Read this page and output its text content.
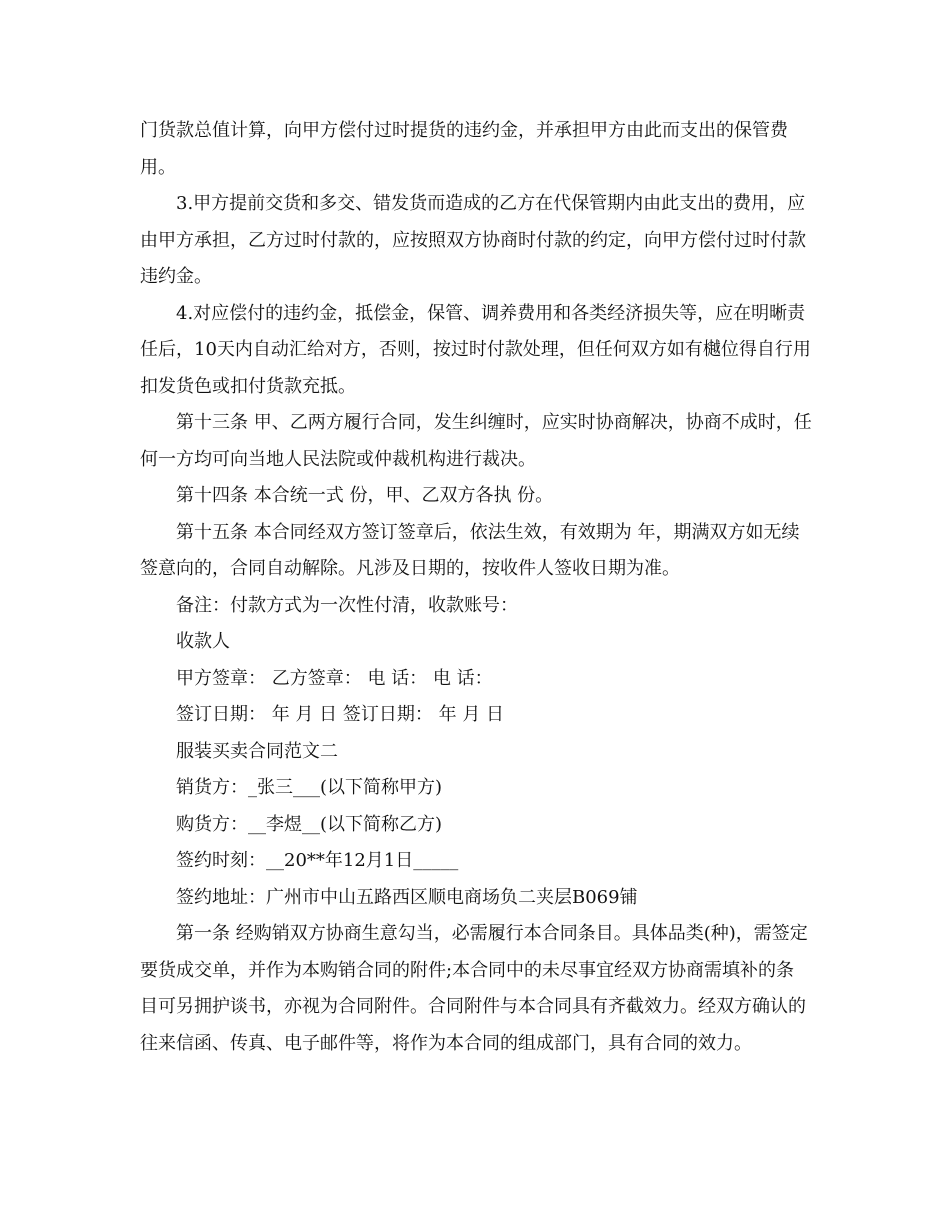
门货款总值计算，向甲方偿付过时提货的违约金，并承担甲方由此而支出的保管费用。

3.甲方提前交货和多交、错发货而造成的乙方在代保管期内由此支出的费用，应由甲方承担，乙方过时付款的，应按照双方协商时付款的约定，向甲方偿付过时付款违约金。

4.对应偿付的违约金，抵偿金，保管、调养费用和各类经济损失等，应在明晰责任后，10天内自动汇给对方，否则，按过时付款处理，但任何双方如有樾位得自行用扣发货色或扣付货款充抵。

第十三条 甲、乙两方履行合同，发生纠缠时，应实时协商解决，协商不成时，任何一方均可向当地人民法院或仲裁机构进行裁决。

第十四条 本合统一式 份，甲、乙双方各执 份。

第十五条 本合同经双方签订签章后，依法生效，有效期为 年，期满双方如无续签意向的，合同自动解除。凡涉及日期的，按收件人签收日期为准。

备注：付款方式为一次性付清，收款账号：

收款人

甲方签章： 乙方签章： 电 话： 电 话：

签订日期： 年 月 日 签订日期： 年 月 日

服装买卖合同范文二

销货方：_张三___(以下简称甲方)

购货方：__李煜__(以下简称乙方)

签约时刻：__20**年12月1日_____

签约地址：广州市中山五路西区顺电商场负二夹层B069铺

第一条 经购销双方协商生意勾当，必需履行本合同条目。具体品类(种)，需签定要货成交单，并作为本购销合同的附件;本合同中的未尽事宜经双方协商需填补的条目可另拥护谈书，亦视为合同附件。合同附件与本合同具有齐截效力。经双方确认的往来信函、传真、电子邮件等，将作为本合同的组成部门，具有合同的效力。
